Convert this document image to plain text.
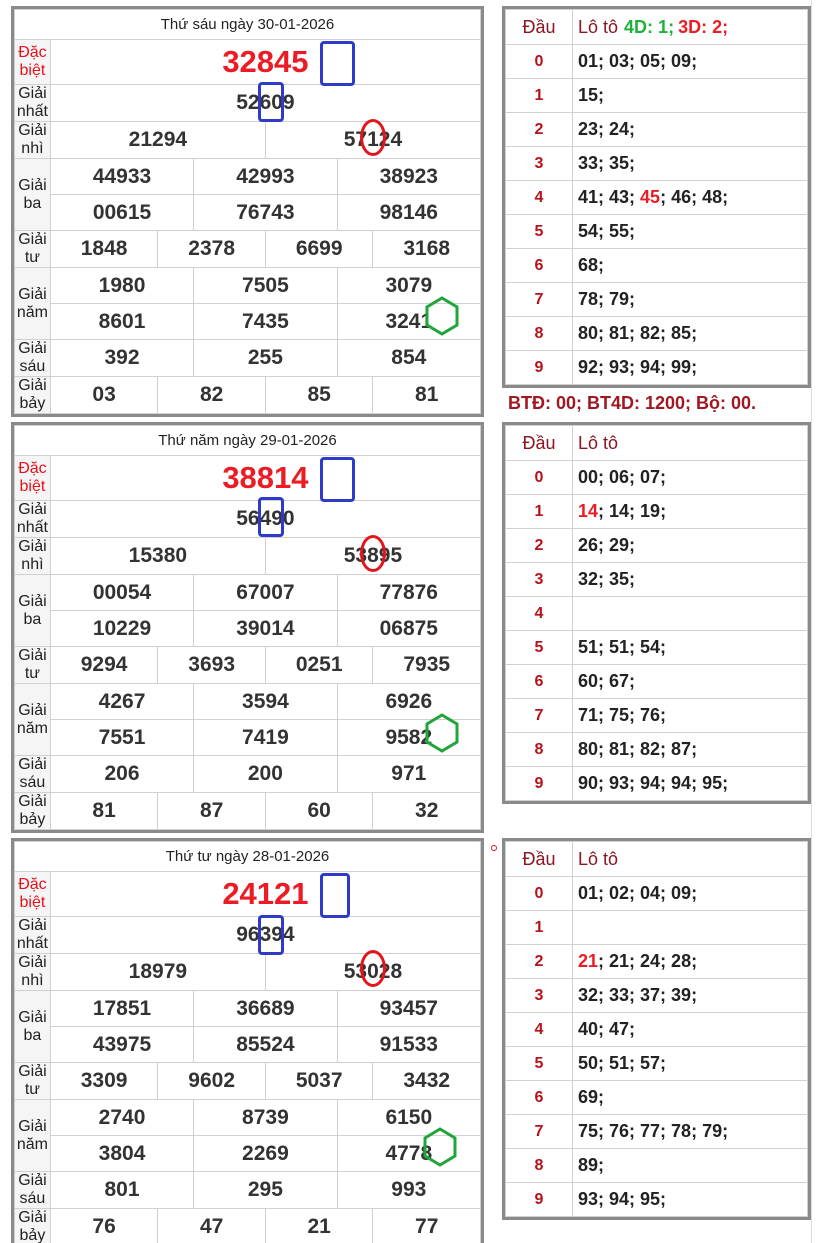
Thứ sáu ngày 30-01-2026						
Đặc biệt	32845					
Giải nhất	52609					
Giải nhì	21294			57124		
Giải ba	44933		42993		38923	
	00615		76743		98146	
Giải tư	1848	2378		6699		3168
Giải năm	1980		7505		3079	
	8601		7435		3241	
Giải sáu	392		255		854	
Giải bảy	03	82		85		81
Thứ năm ngày 29-01-2026						
Đặc biệt	38814					
Giải nhất	56490					
Giải nhì	15380			53895		
Giải ba	00054		67007		77876	
	10229		39014		06875	
Giải tư	9294	3693		0251		7935
Giải năm	4267		3594		6926	
	7551		7419		9582	
Giải sáu	206		200		971	
Giải bảy	81	87		60		32
Thứ tư ngày 28-01-2026						
Đặc biệt	24121					
Giải nhất	96394					
Giải nhì	18979			53028		
Giải ba	17851		36689		93457	
	43975		85524		91533	
Giải tư	3309	9602		5037		3432
Giải năm	2740		8739		6150	
	3804		2269		4778	
Giải sáu	801		295		993	
Giải bảy	76	47		21		77
Đầu	Lô tô 4D: 1; 3D: 2;
0	01; 03; 05; 09;
1	15;
2	23; 24;
3	33; 35;
4	41; 43; 45; 46; 48;
5	54; 55;
6	68;
7	78; 79;
8	80; 81; 82; 85;
9	92; 93; 94; 99;
Đầu	Lô tô
0	00; 06; 07;
1	14; 14; 19;
2	26; 29;
3	32; 35;
4	
5	51; 51; 54;
6	60; 67;
7	71; 75; 76;
8	80; 81; 82; 87;
9	90; 93; 94; 94; 95;
Đầu	Lô tô
0	01; 02; 04; 09;
1	
2	21; 21; 24; 28;
3	32; 33; 37; 39;
4	40; 47;
5	50; 51; 57;
6	69;
7	75; 76; 77; 78; 79;
8	89;
9	93; 94; 95;
BTĐ: 00; BT4D: 1200; Bộ: 00.
